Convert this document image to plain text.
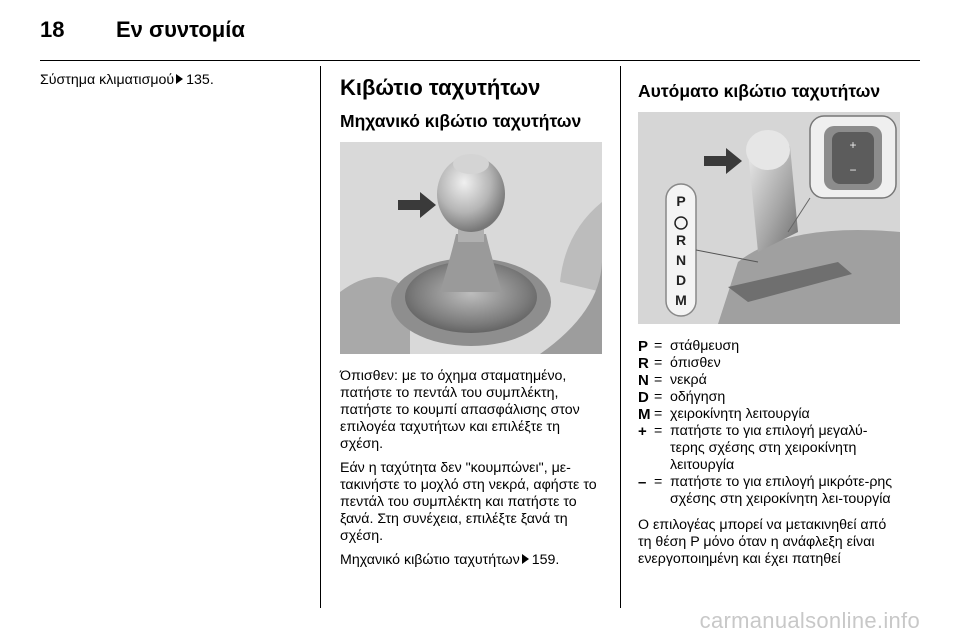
18 Εν συντομία

Σύστημα κλιματισμού 135.	Κιβώτιο ταχυτήτων
Μηχανικό κιβώτιο ταχυτήτων

Όπισθεν: με το όχημα σταματημένο, πατήστε το πεντάλ του συμπλέκτη, πατήστε το κουμπί απασφάλισης στον επιλογέα ταχυτήτων και επιλέξτε τη σχέση.

Εάν η ταχύτητα δεν "κουμπώνει", με-τακινήστε το μοχλό στη νεκρά, αφήστε το πεντάλ του συμπλέκτη και πατήστε το ξανά. Στη συνέχεια, επιλέξτε ξανά τη σχέση.

Μηχανικό κιβώτιο ταχυτήτων 159.

Αυτόματο κιβώτιο ταχυτήτων
P
R
N
D
M
+
−
P = στάθμευση
R = όπισθεν
N = νεκρά
D = οδήγηση
M = χειροκίνητη λειτουργία
+ = πατήστε το για επιλογή μεγαλύ-τερης σχέσης στη χειροκίνητη λειτουργία
– = πατήστε το για επιλογή μικρότε-ρης σχέσης στη χειροκίνητη λει-τουργία

Ο επιλογέας μπορεί να μετακινηθεί από τη θέση P μόνο όταν η ανάφλεξη είναι ενεργοποιημένη και έχει πατηθεί

carmanualsonline.info
